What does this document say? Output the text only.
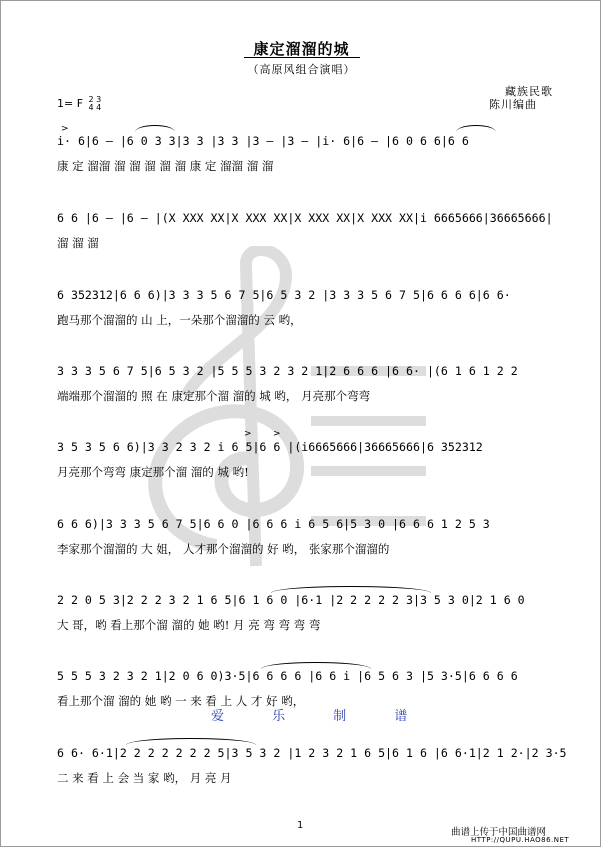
康定溜溜的城
（高原风组合演唱）
1= F 2 3
4 4
藏族民歌
陈川编曲
>
i· 6|6 – |6 0 3 3|3 3 |3 3 |3 – |3 – |i· 6|6 – |6 0 6 6|6 6
康 定 溜溜 溜 溜 溜 溜 溜 康 定 溜溜 溜 溜
6 6 |6 – |6 – |(X XXX XX|X XXX XX|X XXX XX|X XXX XX|i 6665666|36665666|
溜 溜 溜
6 352312|6 6 6)|3 3 3 5 6 7 5|6 5 3 2 |3 3 3 5 6 7 5|6 6 6 6|6 6·
跑马那个溜溜的 山 上，一朵那个溜溜的 云 哟，
3 3 3 5 6 7 5|6 5 3 2 |5 5 5 3 2 3 2 1|2 6 6 6 |6 6· |(6 1 6 1 2 2
端端那个溜溜的 照 在 康定那个溜 溜的 城 哟， 月亮那个弯弯
> >
3 5 3 5 6 6)|3 3 2 3 2 i 6 5|6 6 |(i6665666|36665666|6 352312
月亮那个弯弯 康定那个溜 溜的 城 哟!
6 6 6)|3 3 3 5 6 7 5|6 6 0 |6 6 6 i 6 5 6|5 3 0 |6 6 6 1 2 5 3
李家那个溜溜的 大 姐， 人才那个溜溜的 好 哟， 张家那个溜溜的
2 2 0 5 3|2 2 2 3 2 1 6 5|6 1 6 0 |6·1 |2 2 2 2 2 3|3 5 3 0|2 1 6 0
大 哥，哟 看上那个溜 溜的 她 哟! 月 亮 弯 弯 弯 弯
5 5 5 3 2 3 2 1|2 0 6 0)3·5|6 6 6 6 |6 6 i |6 5 6 3 |5 3·5|6 6 6 6
看上那个溜 溜的 她 哟 一 来 看 上 人 才 好 哟，
爱 乐 制 谱
6 6· 6·1|2 2 2 2 2 2 2 5|3 5 3 2 |1 2 3 2 1 6 5|6 1 6 |6 6·1|2 1 2·|2 3·5
二 来 看 上 会 当 家 哟， 月 亮 月
1
曲谱上传于中国曲谱网
HTTP://QUPU.HAO86.NET
